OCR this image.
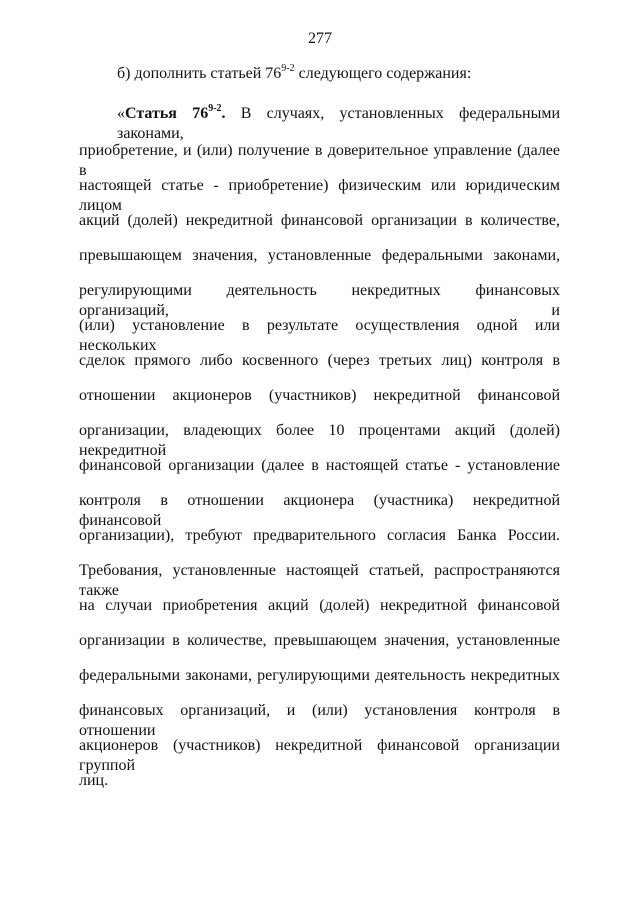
277
б) дополнить статьей 76$^{9-2}$ следующего содержания:
«Статья 76$^{9-2}$. В случаях, установленных федеральными законами,
приобретение, и (или) получение в доверительное управление (далее в
настоящей статье - приобретение) физическим или юридическим лицом
акций (долей) некредитной финансовой организации в количестве,
превышающем значения, установленные федеральными законами,
регулирующими деятельность некредитных финансовых организаций, и
(или) установление в результате осуществления одной или нескольких
сделок прямого либо косвенного (через третьих лиц) контроля в
отношении акционеров (участников) некредитной финансовой
организации, владеющих более 10 процентами акций (долей) некредитной
финансовой организации (далее в настоящей статье - установление
контроля в отношении акционера (участника) некредитной финансовой
организации), требуют предварительного согласия Банка России.
Требования, установленные настоящей статьей, распространяются также
на случаи приобретения акций (долей) некредитной финансовой
организации в количестве, превышающем значения, установленные
федеральными законами, регулирующими деятельность некредитных
финансовых организаций, и (или) установления контроля в отношении
акционеров (участников) некредитной финансовой организации группой
лиц.
